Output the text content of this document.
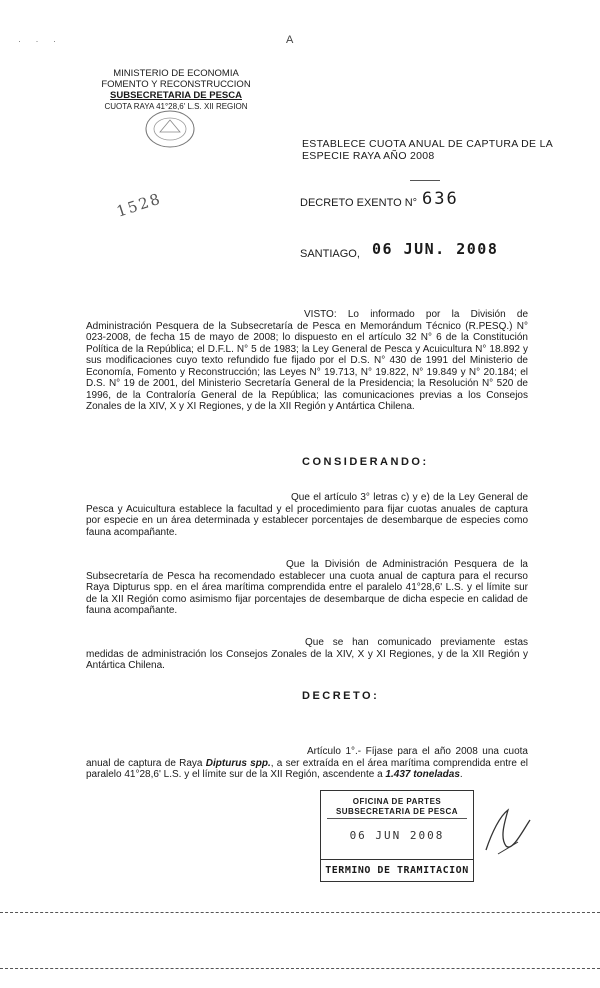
· · ·	A
MINISTERIO DE ECONOMIA
FOMENTO Y RECONSTRUCCION
SUBSECRETARIA DE PESCA
CUOTA RAYA 41°28,6' L.S. XII REGION
1528
ESTABLECE CUOTA ANUAL DE CAPTURA DE LA ESPECIE RAYA AÑO 2008
DECRETO EXENTO N° 636
SANTIAGO, 06 JUN. 2008

VISTO: Lo informado por la División de Administración Pesquera de la Subsecretaría de Pesca en Memorándum Técnico (R.PESQ.) N° 023-2008, de fecha 15 de mayo de 2008; lo dispuesto en el artículo 32 N° 6 de la Constitución Política de la República; el D.F.L. N° 5 de 1983; la Ley General de Pesca y Acuicultura N° 18.892 y sus modificaciones cuyo texto refundido fue fijado por el D.S. N° 430 de 1991 del Ministerio de Economía, Fomento y Reconstrucción; las Leyes N° 19.713, N° 19.822, N° 19.849 y N° 20.184; el D.S. N° 19 de 2001, del Ministerio Secretaría General de la Presidencia; la Resolución N° 520 de 1996, de la Contraloría General de la República; las comunicaciones previas a los Consejos Zonales de la XIV, X y XI Regiones, y de la XII Región y Antártica Chilena.

CONSIDERANDO:

Que el artículo 3° letras c) y e) de la Ley General de Pesca y Acuicultura establece la facultad y el procedimiento para fijar cuotas anuales de captura por especie en un área determinada y establecer porcentajes de desembarque de especies como fauna acompañante.

Que la División de Administración Pesquera de la Subsecretaría de Pesca ha recomendado establecer una cuota anual de captura para el recurso Raya Dipturus spp. en el área marítima comprendida entre el paralelo 41°28,6' L.S. y el límite sur de la XII Región como asimismo fijar porcentajes de desembarque de dicha especie en calidad de fauna acompañante.

Que se han comunicado previamente estas medidas de administración los Consejos Zonales de la XIV, X y XI Regiones, y de la XII Región y Antártica Chilena.

DECRETO:

Artículo 1°.- Fíjase para el año 2008 una cuota anual de captura de Raya Dipturus spp., a ser extraída en el área marítima comprendida entre el paralelo 41°28,6' L.S. y el límite sur de la XII Región, ascendente a 1.437 toneladas.

OFICINA DE PARTES
SUBSECRETARIA DE PESCA
06 JUN 2008
TERMINO DE TRAMITACION
